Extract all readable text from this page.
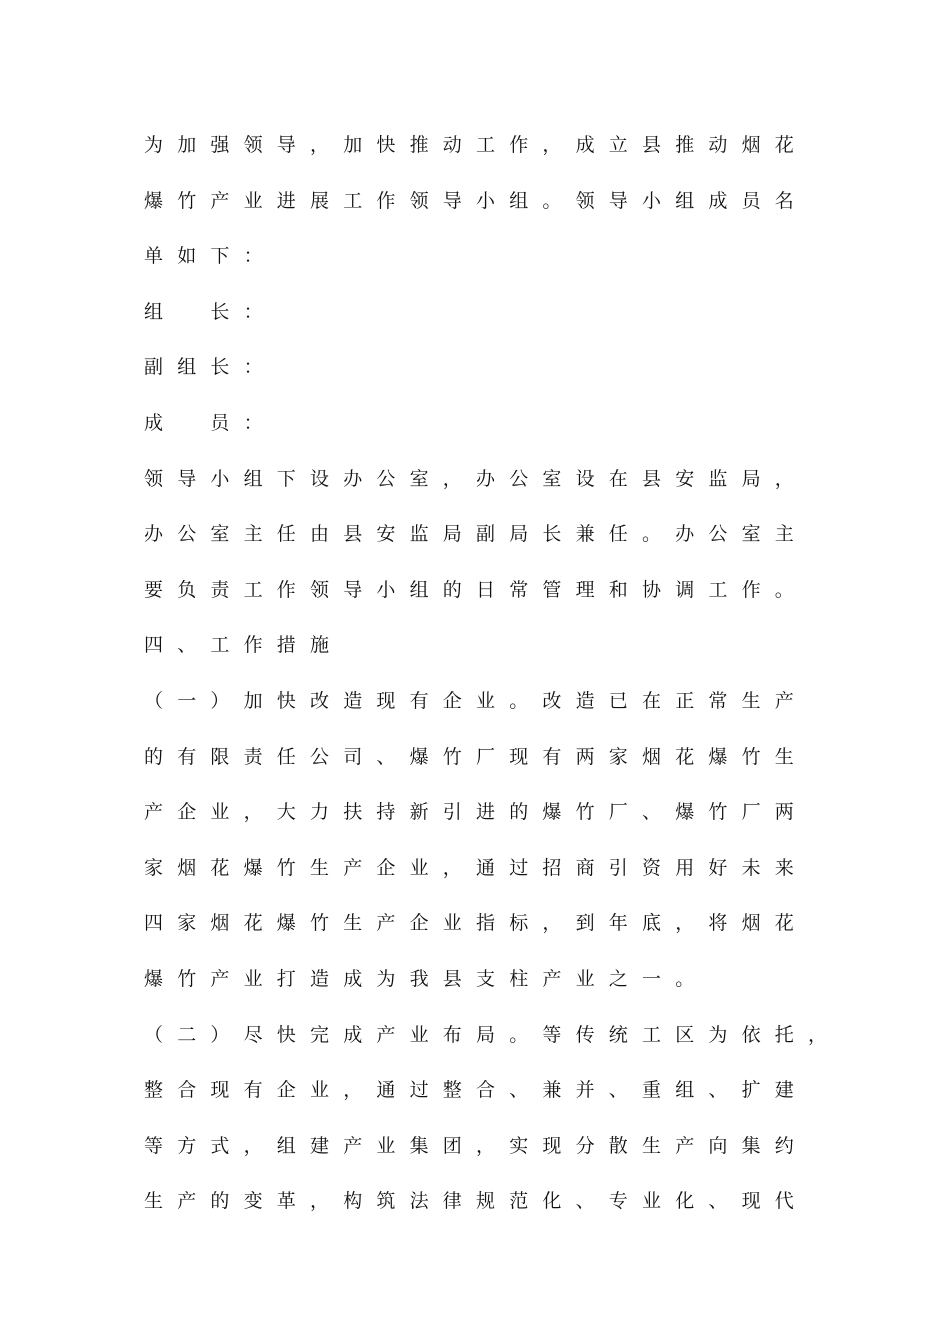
为加强领导，加快推动工作，成立县推动烟花
爆竹产业进展工作领导小组。领导小组成员名
单如下：
组　长：
副组长：
成　员：
领导小组下设办公室，办公室设在县安监局，
办公室主任由县安监局副局长兼任。办公室主
要负责工作领导小组的日常管理和协调工作。
四、工作措施
（一）加快改造现有企业。改造已在正常生产
的有限责任公司、爆竹厂现有两家烟花爆竹生
产企业，大力扶持新引进的爆竹厂、爆竹厂两
家烟花爆竹生产企业，通过招商引资用好未来
四家烟花爆竹生产企业指标，到年底，将烟花
爆竹产业打造成为我县支柱产业之一。
（二）尽快完成产业布局。等传统工区为依托，
整合现有企业，通过整合、兼并、重组、扩建
等方式，组建产业集团，实现分散生产向集约
生产的变革，构筑法律规范化、专业化、现代
